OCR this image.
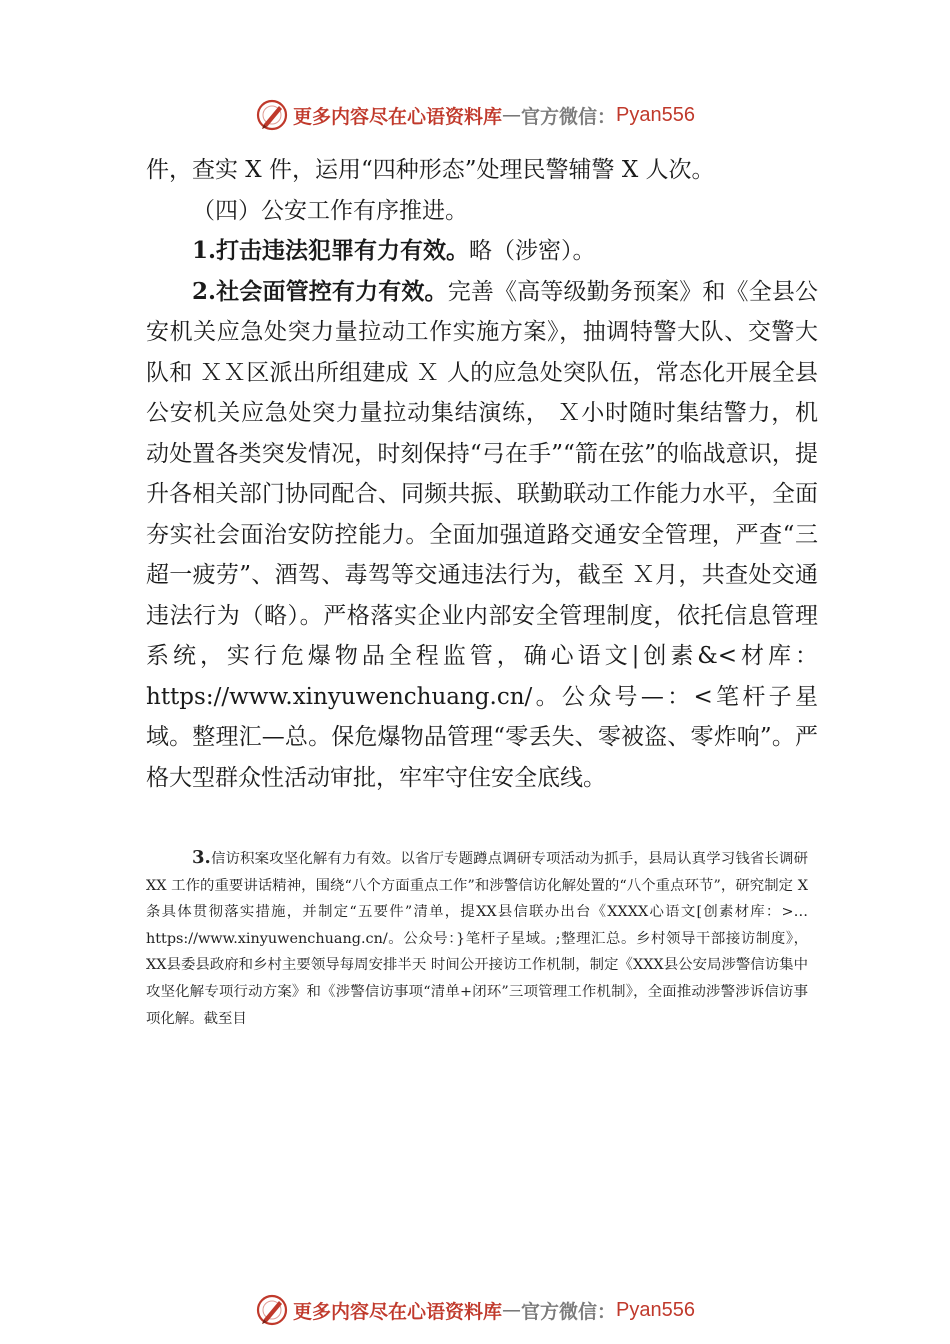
更多内容尽在心语资料库 — 官方微信： Pyan556

件，查实 X 件，运用“四种形态”处理民警辅警 X 人次。

（四）公安工作有序推进。

1.打击违法犯罪有力有效。略（涉密）。

2.社会面管控有力有效。完善《高等级勤务预案》和《全县公安机关应急处突力量拉动工作实施方案》，抽调特警大队、交警大队和 ＸＸ区派出所组建成 Ｘ 人的应急处突队伍，常态化开展全县公安机关应急处突力量拉动集结演练， Ｘ小时随时集结警力，机动处置各类突发情况，时刻保持“弓在手”“箭在弦”的临战意识，提升各相关部门协同配合、同频共振、联勤联动工作能力水平，全面夯实社会面治安防控能力。全面加强道路交通安全管理，严查“三超一疲劳”、酒驾、毒驾等交通违法行为，截至 Ｘ月，共查处交通违法行为（略）。严格落实企业内部安全管理制度，依托信息管理系统，实行危爆物品全程监管，确心语文|创素&<材库：https://www.xinyuwenchuang.cn/。公众号—：<笔杆子星域。整理汇—总。保危爆物品管理“零丢失、零被盗、零炸响”。严格大型群众性活动审批，牢牢守住安全底线。

3.信访积案攻坚化解有力有效。以省厅专题蹲点调研专项活动为抓手，县局认真学习钱省长调研 XX 工作的重要讲话精神，围绕“八个方面重点工作”和涉警信访化解处置的“八个重点环节”，研究制定 X 条具体贯彻落实措施，并制定“五要件”清单，提XX县信联办出台《XXXX心语文[创素材库：>…https://www.xinyuwenchuang.cn/。公众号：}笔杆子星域。;整理汇总。乡村领导干部接访制度》，XX县委县政府和乡村主要领导每周安排半天 时间公开接访工作机制，制定《XXX县公安局涉警信访集中攻坚化解专项行动方案》和《涉警信访事项“清单+闭环”三项管理工作机制》，全面推动涉警涉诉信访事项化解。截至目

更多内容尽在心语资料库 — 官方微信： Pyan556
